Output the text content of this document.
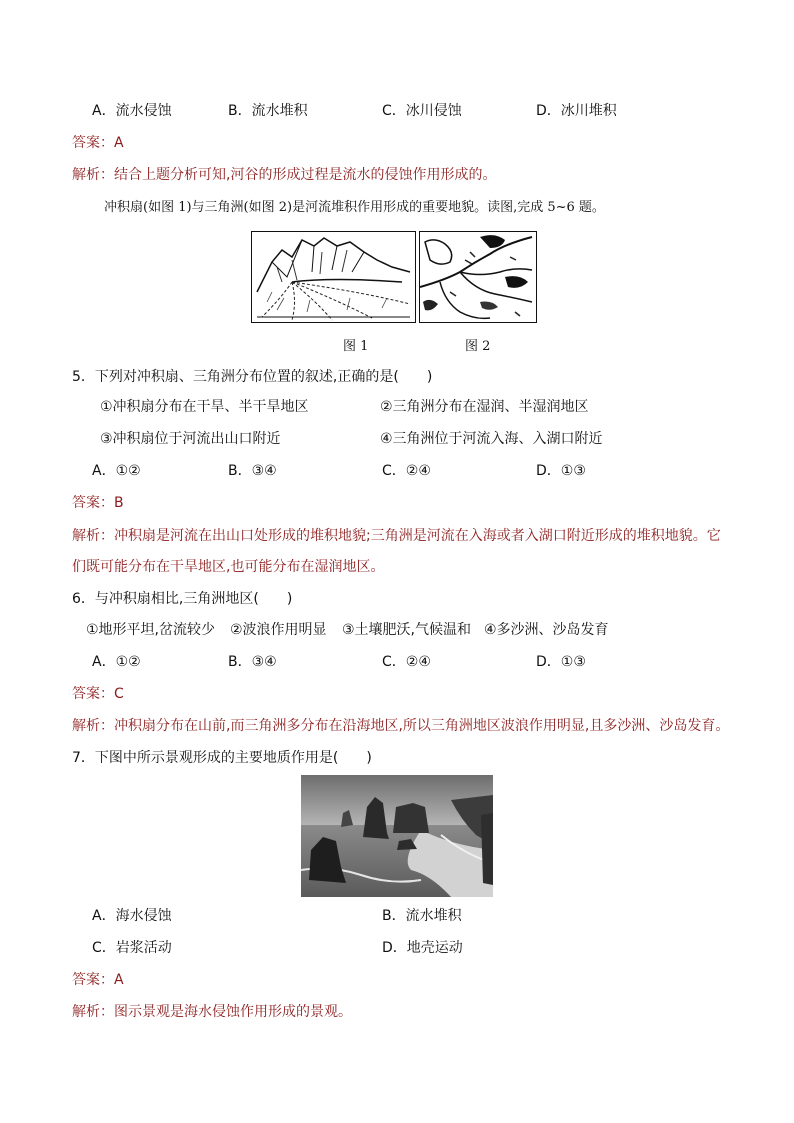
A．流水侵蚀	B．流水堆积	C．冰川侵蚀	D．冰川堆积
答案：A
解析：结合上题分析可知,河谷的形成过程是流水的侵蚀作用形成的。
冲积扇(如图 1)与三角洲(如图 2)是河流堆积作用形成的重要地貌。读图,完成 5~6 题。
图 1	图 2
5．下列对冲积扇、三角洲分布位置的叙述,正确的是(　　)
①冲积扇分布在干旱、半干旱地区	②三角洲分布在湿润、半湿润地区
③冲积扇位于河流出山口附近	④三角洲位于河流入海、入湖口附近
A．①②	B．③④	C．②④	D．①③
答案：B
解析：冲积扇是河流在出山口处形成的堆积地貌;三角洲是河流在入海或者入湖口附近形成的堆积地貌。它
们既可能分布在干旱地区,也可能分布在湿润地区。
6．与冲积扇相比,三角洲地区(　　)
①地形平坦,岔流较少 ②波浪作用明显 ③土壤肥沃,气候温和 ④多沙洲、沙岛发育
A．①②	B．③④	C．②④	D．①③
答案：C
解析：冲积扇分布在山前,而三角洲多分布在沿海地区,所以三角洲地区波浪作用明显,且多沙洲、沙岛发育。
7．下图中所示景观形成的主要地质作用是(　　)
A．海水侵蚀	B．流水堆积
C．岩浆活动	D．地壳运动
答案：A
解析：图示景观是海水侵蚀作用形成的景观。
